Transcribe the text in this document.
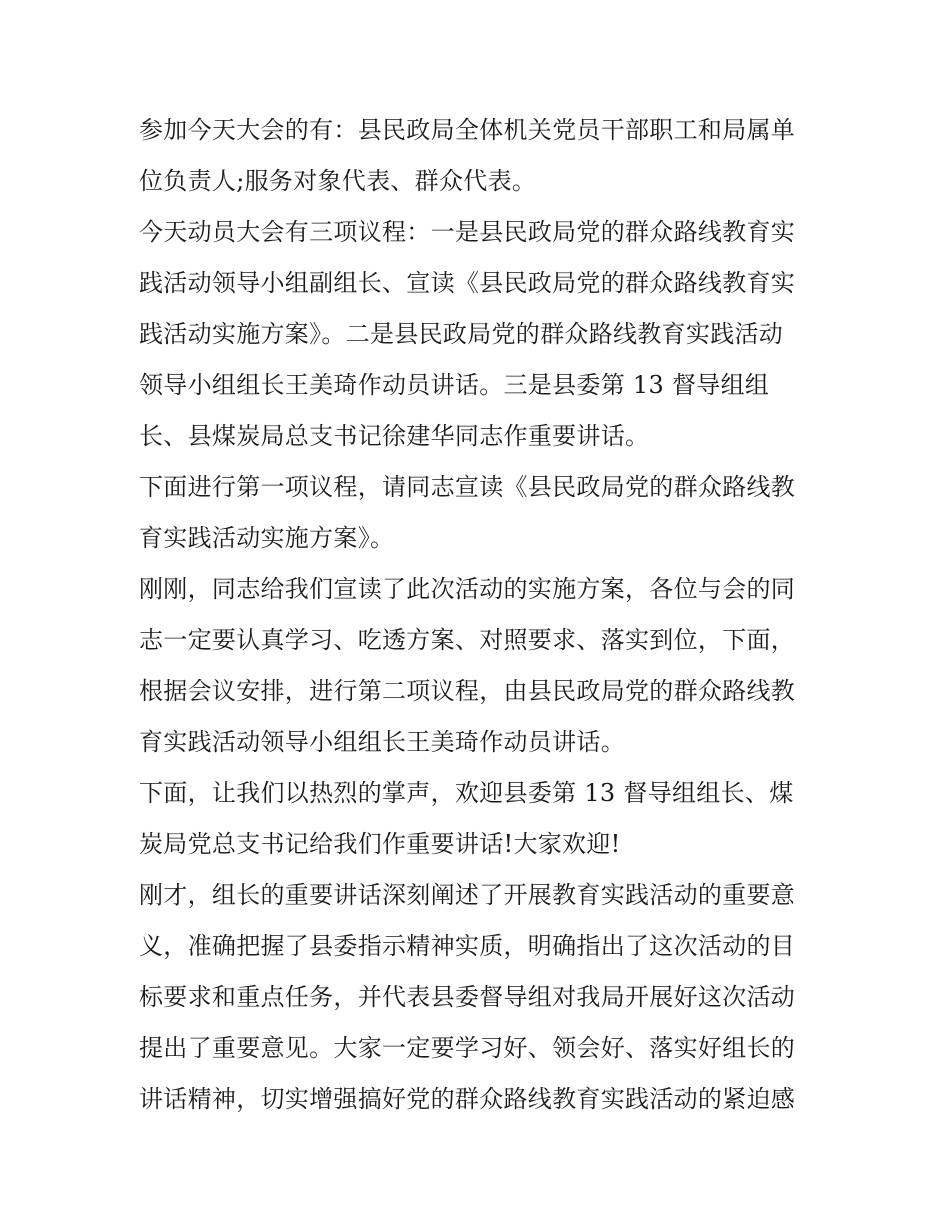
参加今天大会的有：县民政局全体机关党员干部职工和局属单
位负责人;服务对象代表、群众代表。
今天动员大会有三项议程：一是县民政局党的群众路线教育实
践活动领导小组副组长、宣读《县民政局党的群众路线教育实
践活动实施方案》。二是县民政局党的群众路线教育实践活动
领导小组组长王美琦作动员讲话。三是县委第 13 督导组组
长、县煤炭局总支书记徐建华同志作重要讲话。
下面进行第一项议程，请同志宣读《县民政局党的群众路线教
育实践活动实施方案》。
刚刚，同志给我们宣读了此次活动的实施方案，各位与会的同
志一定要认真学习、吃透方案、对照要求、落实到位，下面，
根据会议安排，进行第二项议程，由县民政局党的群众路线教
育实践活动领导小组组长王美琦作动员讲话。
下面，让我们以热烈的掌声，欢迎县委第 13 督导组组长、煤
炭局党总支书记给我们作重要讲话!大家欢迎!
刚才，组长的重要讲话深刻阐述了开展教育实践活动的重要意
义，准确把握了县委指示精神实质，明确指出了这次活动的目
标要求和重点任务，并代表县委督导组对我局开展好这次活动
提出了重要意见。大家一定要学习好、领会好、落实好组长的
讲话精神，切实增强搞好党的群众路线教育实践活动的紧迫感
